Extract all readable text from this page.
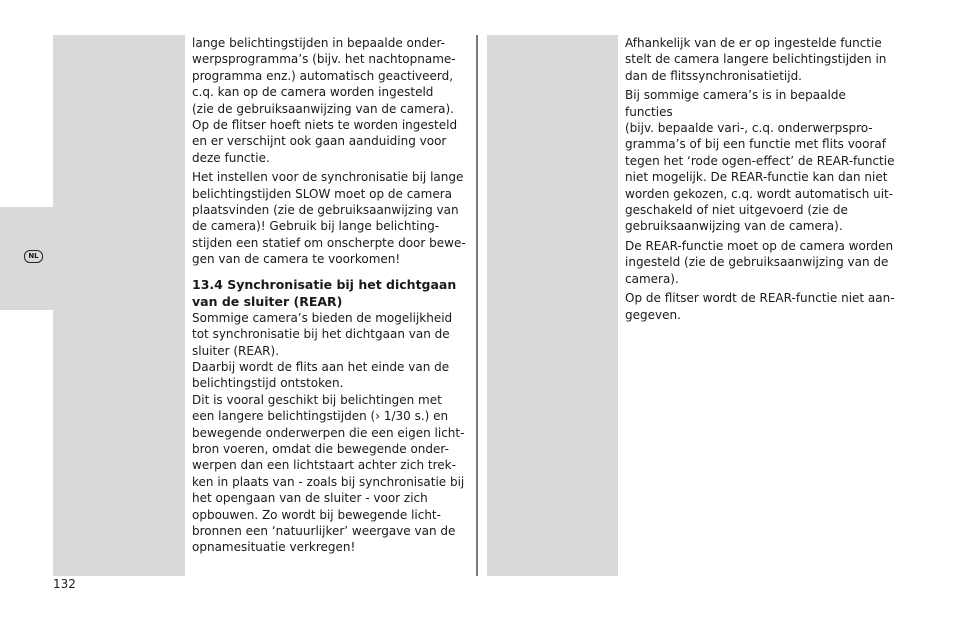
NL

lange belichtingstijden in bepaalde onder-
werpsprogramma’s (bijv. het nachtopname-
programma enz.) automatisch geactiveerd,
c.q. kan op de camera worden ingesteld
(zie de gebruiksaanwijzing van de camera).
Op de flitser hoeft niets te worden ingesteld
en er verschijnt ook gaan aanduiding voor
deze functie.

Het instellen voor de synchronisatie bij lange
belichtingstijden SLOW moet op de camera
plaatsvinden (zie de gebruiksaanwijzing van
de camera)! Gebruik bij lange belichting-
stijden een statief om onscherpte door bewe-
gen van de camera te voorkomen!

13.4 Synchronisatie bij het dichtgaan
van de sluiter (REAR)

Sommige camera’s bieden de mogelijkheid
tot synchronisatie bij het dichtgaan van de
sluiter (REAR).

Daarbij wordt de flits aan het einde van de
belichtingstijd ontstoken.

Dit is vooral geschikt bij belichtingen met
een langere belichtingstijden (› 1/30 s.) en
bewegende onderwerpen die een eigen licht-
bron voeren, omdat die bewegende onder-
werpen dan een lichtstaart achter zich trek-
ken in plaats van - zoals bij synchronisatie bij
het opengaan van de sluiter - voor zich
opbouwen. Zo wordt bij bewegende licht-
bronnen een ‘natuurlijker’ weergave van de
opnamesituatie verkregen!

Afhankelijk van de er op ingestelde functie
stelt de camera langere belichtingstijden in
dan de flitssynchronisatietijd.

Bij sommige camera’s is in bepaalde functies
(bijv. bepaalde vari-, c.q. onderwerpspro-
gramma’s of bij een functie met flits vooraf
tegen het ‘rode ogen-effect’ de REAR-functie
niet mogelijk. De REAR-functie kan dan niet
worden gekozen, c.q. wordt automatisch uit-
geschakeld of niet uitgevoerd (zie de
gebruiksaanwijzing van de camera).

De REAR-functie moet op de camera worden
ingesteld (zie de gebruiksaanwijzing van de
camera).

Op de flitser wordt de REAR-functie niet aan-
gegeven.

132
